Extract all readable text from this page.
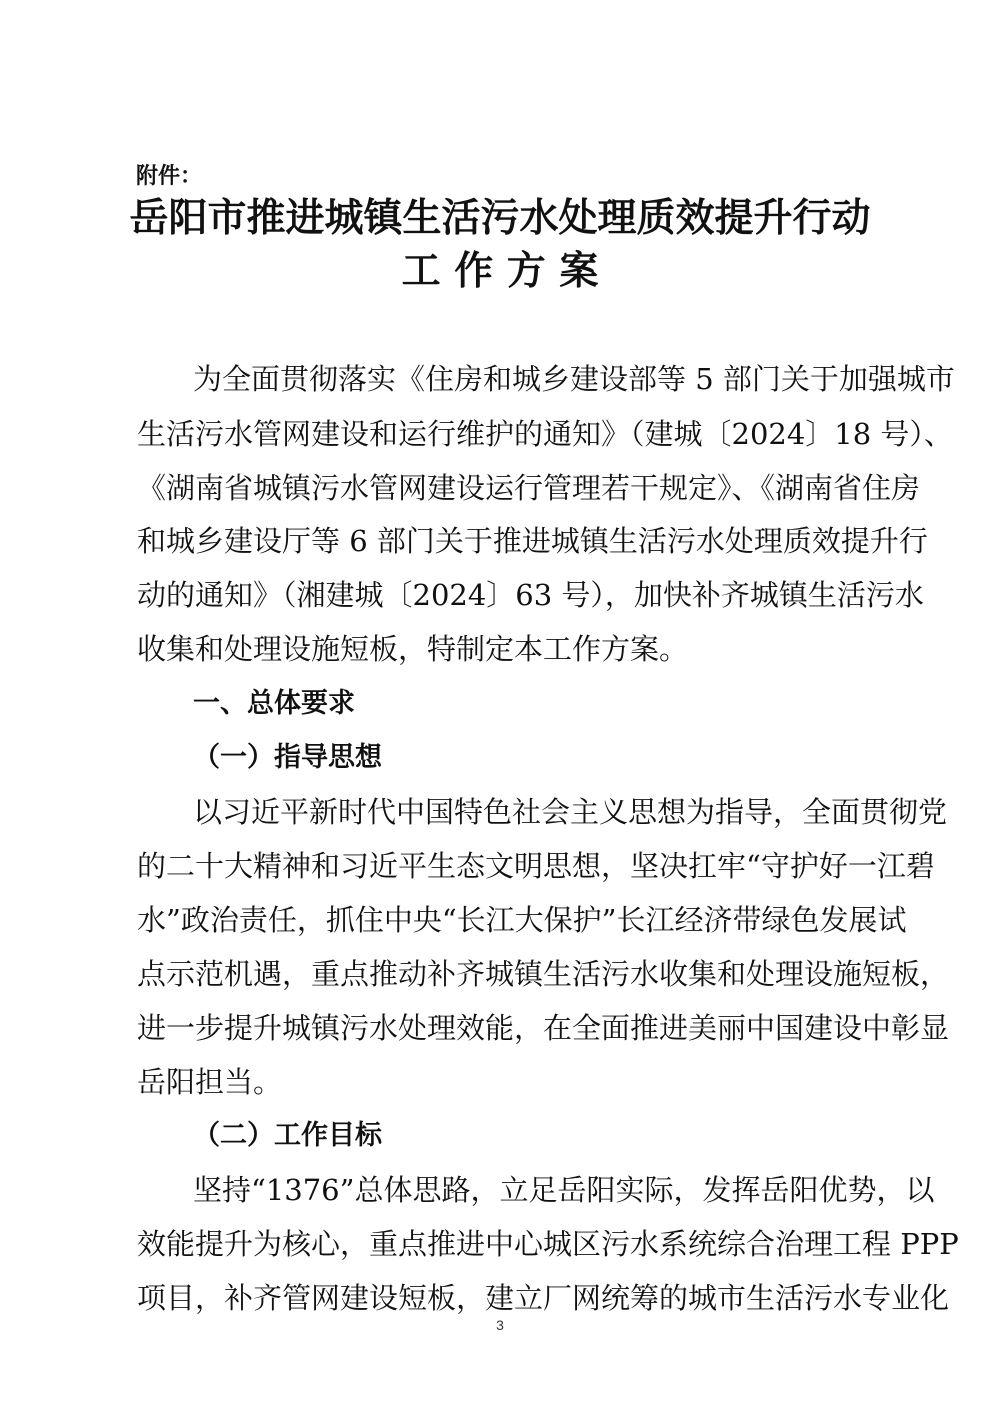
附件：
岳阳市推进城镇生活污水处理质效提升行动
工 作 方 案
为全面贯彻落实《住房和城乡建设部等 5 部门关于加强城市
生活污水管网建设和运行维护的通知》（建城〔2024〕18 号）、
《湖南省城镇污水管网建设运行管理若干规定》、《湖南省住房
和城乡建设厅等 6 部门关于推进城镇生活污水处理质效提升行
动的通知》（湘建城〔2024〕63 号），加快补齐城镇生活污水
收集和处理设施短板，特制定本工作方案。
一、总体要求
（一）指导思想
以习近平新时代中国特色社会主义思想为指导，全面贯彻党
的二十大精神和习近平生态文明思想，坚决扛牢“守护好一江碧
水”政治责任，抓住中央“长江大保护”长江经济带绿色发展试
点示范机遇，重点推动补齐城镇生活污水收集和处理设施短板，
进一步提升城镇污水处理效能，在全面推进美丽中国建设中彰显
岳阳担当。
（二）工作目标
坚持“1376”总体思路，立足岳阳实际，发挥岳阳优势，以
效能提升为核心，重点推进中心城区污水系统综合治理工程 PPP
项目，补齐管网建设短板，建立厂网统筹的城市生活污水专业化
3
